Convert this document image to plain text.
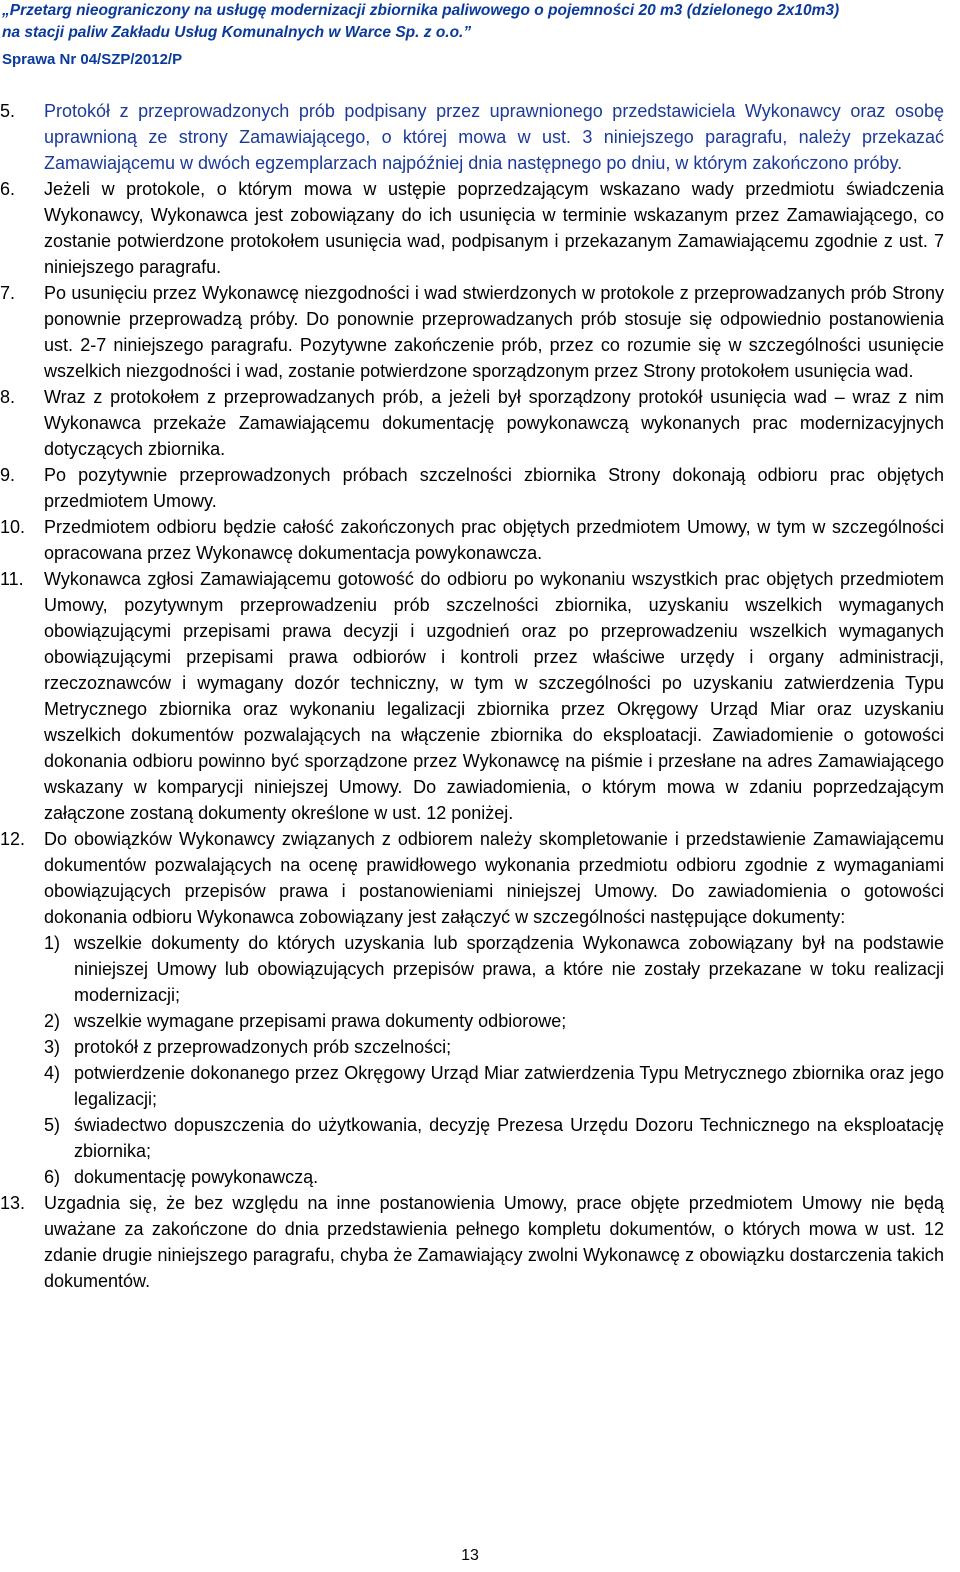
„Przetarg nieograniczony na usługę modernizacji zbiornika paliwowego o pojemności 20 m3 (dzielonego 2x10m3)
na stacji paliw Zakładu Usług Komunalnych w Warce Sp. z o.o.”
Sprawa Nr 04/SZP/2012/P
5.	Protokół z przeprowadzonych prób podpisany przez uprawnionego przedstawiciela Wykonawcy oraz osobę uprawnioną ze strony Zamawiającego, o której mowa w ust. 3 niniejszego paragrafu, należy przekazać Zamawiającemu w dwóch egzemplarzach najpóźniej dnia następnego po dniu, w którym zakończono próby.
6.	Jeżeli w protokole, o którym mowa w ustępie poprzedzającym wskazano wady przedmiotu świadczenia Wykonawcy, Wykonawca jest zobowiązany do ich usunięcia w terminie wskazanym przez Zamawiającego, co zostanie potwierdzone protokołem usunięcia wad, podpisanym i przekazanym Zamawiającemu zgodnie z ust. 7 niniejszego paragrafu.
7.	Po usunięciu przez Wykonawcę niezgodności i wad stwierdzonych w protokole z przeprowadzanych prób Strony ponownie przeprowadzą próby. Do ponownie przeprowadzanych prób stosuje się odpowiednio postanowienia ust. 2-7 niniejszego paragrafu. Pozytywne zakończenie prób, przez co rozumie się w szczególności usunięcie wszelkich niezgodności i wad, zostanie potwierdzone sporządzonym przez Strony protokołem usunięcia wad.
8.	Wraz z protokołem z przeprowadzanych prób, a jeżeli był sporządzony protokół usunięcia wad – wraz z nim Wykonawca przekaże Zamawiającemu dokumentację powykonawczą wykonanych prac modernizacyjnych dotyczących zbiornika.
9.	Po pozytywnie przeprowadzonych próbach szczelności zbiornika Strony dokonają odbioru prac objętych przedmiotem Umowy.
10.	Przedmiotem odbioru będzie całość zakończonych prac objętych przedmiotem Umowy, w tym w szczególności opracowana przez Wykonawcę dokumentacja powykonawcza.
11.	Wykonawca zgłosi Zamawiającemu gotowość do odbioru po wykonaniu wszystkich prac objętych przedmiotem Umowy, pozytywnym przeprowadzeniu prób szczelności zbiornika, uzyskaniu wszelkich wymaganych obowiązującymi przepisami prawa decyzji i uzgodnień oraz po przeprowadzeniu wszelkich wymaganych obowiązującymi przepisami prawa odbiorów i kontroli przez właściwe urzędy i organy administracji, rzeczoznawców i wymagany dozór techniczny, w tym w szczególności po uzyskaniu zatwierdzenia Typu Metrycznego zbiornika oraz wykonaniu legalizacji zbiornika przez Okręgowy Urząd Miar oraz uzyskaniu wszelkich dokumentów pozwalających na włączenie zbiornika do eksploatacji. Zawiadomienie o gotowości dokonania odbioru powinno być sporządzone przez Wykonawcę na piśmie i przesłane na adres Zamawiającego wskazany w komparycji niniejszej Umowy. Do zawiadomienia, o którym mowa w zdaniu poprzedzającym załączone zostaną dokumenty określone w ust. 12 poniżej.
12.	Do obowiązków Wykonawcy związanych z odbiorem należy skompletowanie i przedstawienie Zamawiającemu dokumentów pozwalających na ocenę prawidłowego wykonania przedmiotu odbioru zgodnie z wymaganiami obowiązujących przepisów prawa i postanowieniami niniejszej Umowy. Do zawiadomienia o gotowości dokonania odbioru Wykonawca zobowiązany jest załączyć w szczególności następujące dokumenty:
1) wszelkie dokumenty do których uzyskania lub sporządzenia Wykonawca zobowiązany był na podstawie niniejszej Umowy lub obowiązujących przepisów prawa, a które nie zostały przekazane w toku realizacji modernizacji;
2) wszelkie wymagane przepisami prawa dokumenty odbiorowe;
3) protokół z przeprowadzonych prób szczelności;
4) potwierdzenie dokonanego przez Okręgowy Urząd Miar zatwierdzenia Typu Metrycznego zbiornika oraz jego legalizacji;
5) świadectwo dopuszczenia do użytkowania, decyzję Prezesa Urzędu Dozoru Technicznego na eksploatację zbiornika;
6) dokumentację powykonawczą.
13.	Uzgadnia się, że bez względu na inne postanowienia Umowy, prace objęte przedmiotem Umowy nie będą uważane za zakończone do dnia przedstawienia pełnego kompletu dokumentów, o których mowa w ust. 12 zdanie drugie niniejszego paragrafu, chyba że Zamawiający zwolni Wykonawcę z obowiązku dostarczenia takich dokumentów.
13
